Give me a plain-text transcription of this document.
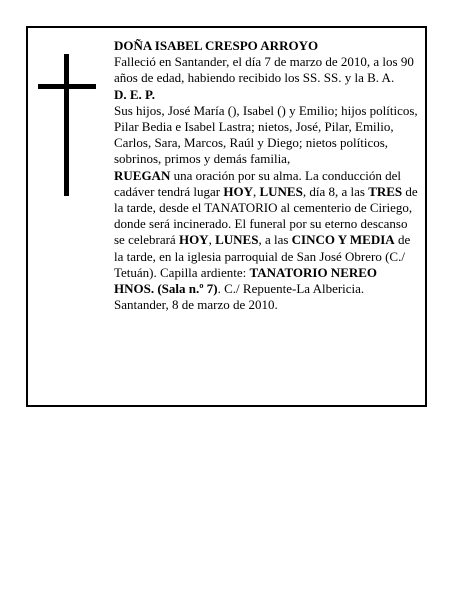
DOÑA ISABEL CRESPO ARROYO

Falleció en Santander, el día 7 de marzo de 2010, a los 90 años de edad, habiendo recibido los SS. SS. y la B. A.

D. E. P.

Sus hijos, José María (), Isabel () y Emilio; hijos políticos, Pilar Bedia e Isabel Lastra; nietos, José, Pilar, Emilio, Carlos, Sara, Marcos, Raúl y Diego; nietos políticos, sobrinos, primos y demás familia,

RUEGAN una oración por su alma. La conducción del cadáver tendrá lugar HOY, LUNES, día 8, a las TRES de la tarde, desde el TANATORIO al cementerio de Ciriego, donde será incinerado. El funeral por su eterno descanso se celebrará HOY, LUNES, a las CINCO Y MEDIA de la tarde, en la iglesia parroquial de San José Obrero (C./ Tetuán). Capilla ardiente: TANATORIO NEREO HNOS. (Sala n.º 7). C./ Repuente-La Albericia.

Santander, 8 de marzo de 2010.
